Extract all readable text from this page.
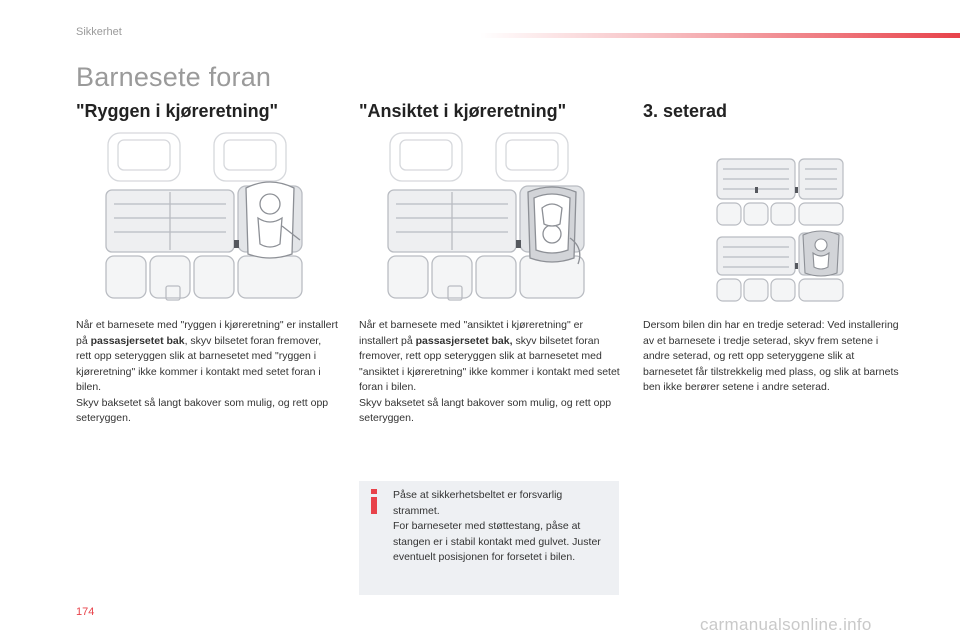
Sikkerhet
Barnesete foran
"Ryggen i kjøreretning"
Når et barnesete med "ryggen i kjøreretning" er installert på passasjersetet bak, skyv bilsetet foran fremover, rett opp seteryggen slik at barnesetet med "ryggen i kjøreretning" ikke kommer i kontakt med setet foran i bilen.
Skyv baksetet så langt bakover som mulig, og rett opp seteryggen.
"Ansiktet i kjøreretning"
Når et barnesete med "ansiktet i kjøreretning" er installert på passasjersetet bak, skyv bilsetet foran fremover, rett opp seteryggen slik at barnesetet med "ansiktet i kjøreretning" ikke kommer i kontakt med setet foran i bilen.
Skyv baksetet så langt bakover som mulig, og rett opp seteryggen.
3. seterad
Dersom bilen din har en tredje seterad: Ved installering av et barnesete i tredje seterad, skyv frem setene i andre seterad, og rett opp seteryggene slik at barnesetet får tilstrekkelig med plass, og slik at barnets ben ikke berører setene i andre seterad.
Påse at sikkerhetsbeltet er forsvarlig strammet.
For barneseter med støttestang, påse at stangen er i stabil kontakt med gulvet. Juster eventuelt posisjonen for forsetet i bilen.
174
carmanualsonline.info
